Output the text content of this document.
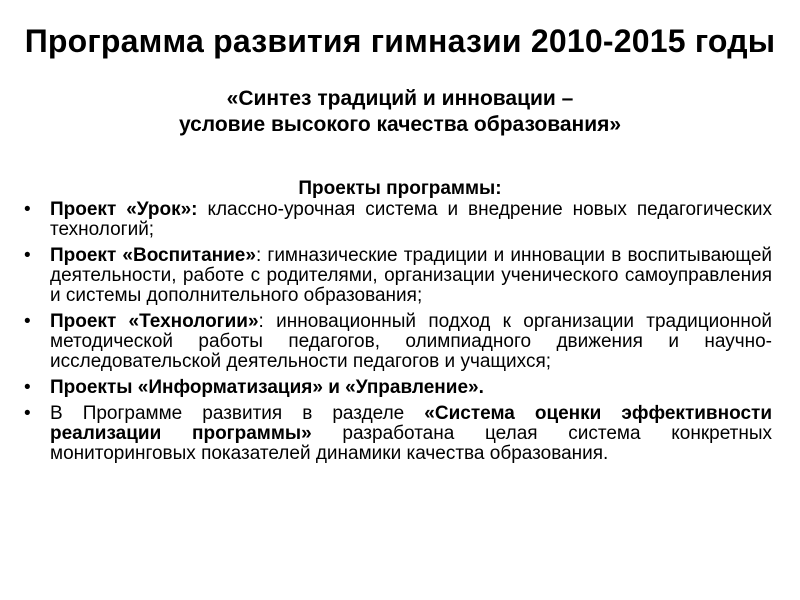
Программа развития гимназии 2010-2015 годы
«Синтез традиций и инновации –
условие высокого качества образования»
Проекты программы:
• Проект «Урок»: классно-урочная система и внедрение новых педагогических технологий;
• Проект «Воспитание»: гимназические традиции и инновации в воспитывающей деятельности, работе с родителями, организации ученического самоуправления и системы дополнительного образования;
• Проект «Технологии»: инновационный подход к организации традиционной методической работы педагогов, олимпиадного движения и научно-исследовательской деятельности педагогов и учащихся;
• Проекты «Информатизация» и «Управление».
• В Программе развития в разделе «Система оценки эффективности реализации программы» разработана целая система конкретных мониторинговых показателей динамики качества образования.
